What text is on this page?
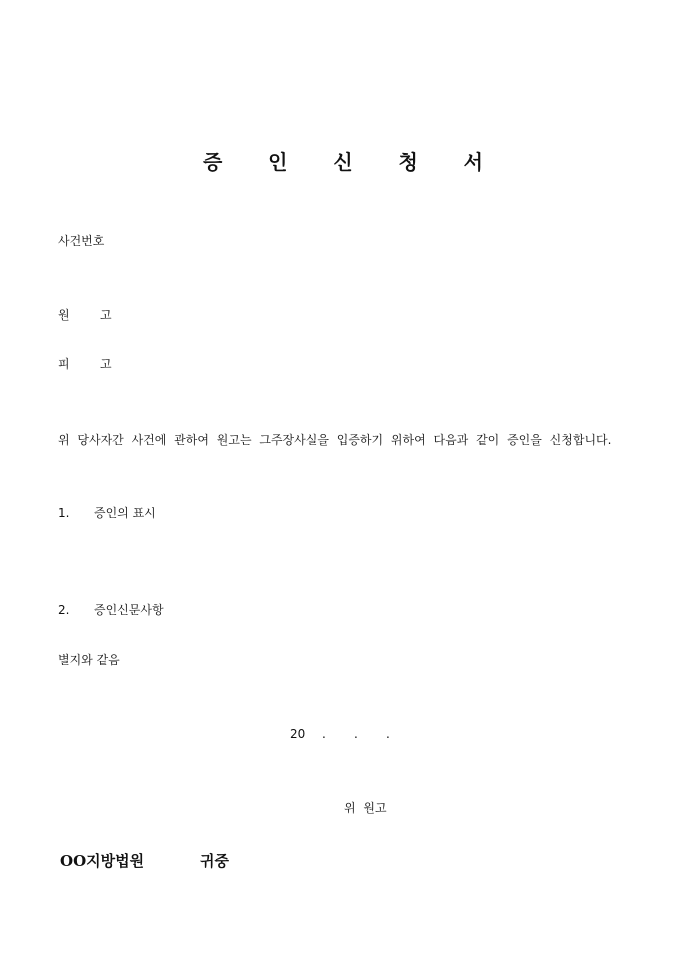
증 인 신 청 서
사건번호
원	고
피	고
위 당사자간 사건에 관하여 원고는 그주장사실을 입증하기 위하여 다음과 같이 증인을 신청합니다.
1. 증인의 표시
2. 증인신문사항
별지와 같음
20 . . .
위 원고
OO지방법원	귀중
